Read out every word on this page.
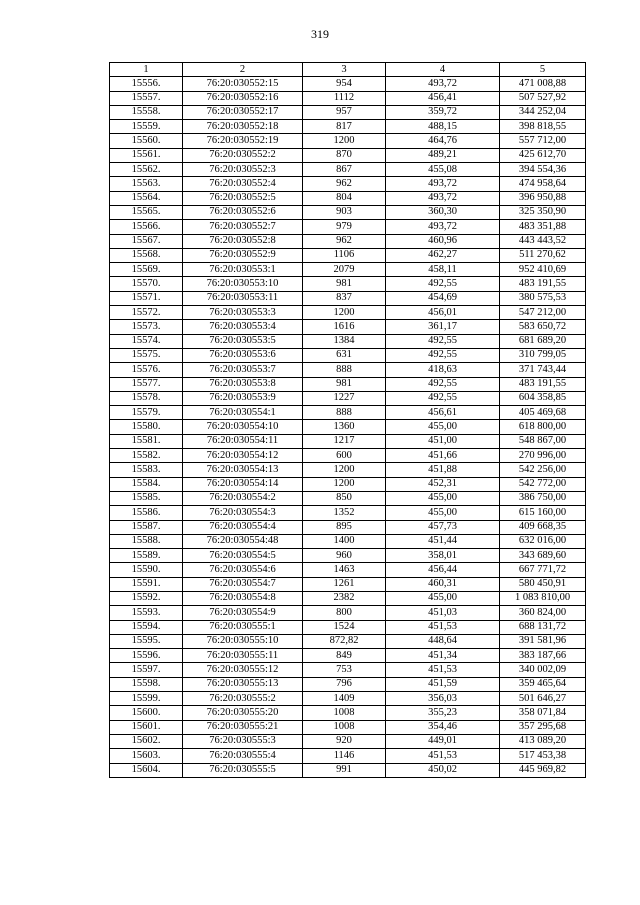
319
1	2	3	4	5
15556.	76:20:030552:15	954	493,72	471 008,88
15557.	76:20:030552:16	1112	456,41	507 527,92
15558.	76:20:030552:17	957	359,72	344 252,04
15559.	76:20:030552:18	817	488,15	398 818,55
15560.	76:20:030552:19	1200	464,76	557 712,00
15561.	76:20:030552:2	870	489,21	425 612,70
15562.	76:20:030552:3	867	455,08	394 554,36
15563.	76:20:030552:4	962	493,72	474 958,64
15564.	76:20:030552:5	804	493,72	396 950,88
15565.	76:20:030552:6	903	360,30	325 350,90
15566.	76:20:030552:7	979	493,72	483 351,88
15567.	76:20:030552:8	962	460,96	443 443,52
15568.	76:20:030552:9	1106	462,27	511 270,62
15569.	76:20:030553:1	2079	458,11	952 410,69
15570.	76:20:030553:10	981	492,55	483 191,55
15571.	76:20:030553:11	837	454,69	380 575,53
15572.	76:20:030553:3	1200	456,01	547 212,00
15573.	76:20:030553:4	1616	361,17	583 650,72
15574.	76:20:030553:5	1384	492,55	681 689,20
15575.	76:20:030553:6	631	492,55	310 799,05
15576.	76:20:030553:7	888	418,63	371 743,44
15577.	76:20:030553:8	981	492,55	483 191,55
15578.	76:20:030553:9	1227	492,55	604 358,85
15579.	76:20:030554:1	888	456,61	405 469,68
15580.	76:20:030554:10	1360	455,00	618 800,00
15581.	76:20:030554:11	1217	451,00	548 867,00
15582.	76:20:030554:12	600	451,66	270 996,00
15583.	76:20:030554:13	1200	451,88	542 256,00
15584.	76:20:030554:14	1200	452,31	542 772,00
15585.	76:20:030554:2	850	455,00	386 750,00
15586.	76:20:030554:3	1352	455,00	615 160,00
15587.	76:20:030554:4	895	457,73	409 668,35
15588.	76:20:030554:48	1400	451,44	632 016,00
15589.	76:20:030554:5	960	358,01	343 689,60
15590.	76:20:030554:6	1463	456,44	667 771,72
15591.	76:20:030554:7	1261	460,31	580 450,91
15592.	76:20:030554:8	2382	455,00	1 083 810,00
15593.	76:20:030554:9	800	451,03	360 824,00
15594.	76:20:030555:1	1524	451,53	688 131,72
15595.	76:20:030555:10	872,82	448,64	391 581,96
15596.	76:20:030555:11	849	451,34	383 187,66
15597.	76:20:030555:12	753	451,53	340 002,09
15598.	76:20:030555:13	796	451,59	359 465,64
15599.	76:20:030555:2	1409	356,03	501 646,27
15600.	76:20:030555:20	1008	355,23	358 071,84
15601.	76:20:030555:21	1008	354,46	357 295,68
15602.	76:20:030555:3	920	449,01	413 089,20
15603.	76:20:030555:4	1146	451,53	517 453,38
15604.	76:20:030555:5	991	450,02	445 969,82
